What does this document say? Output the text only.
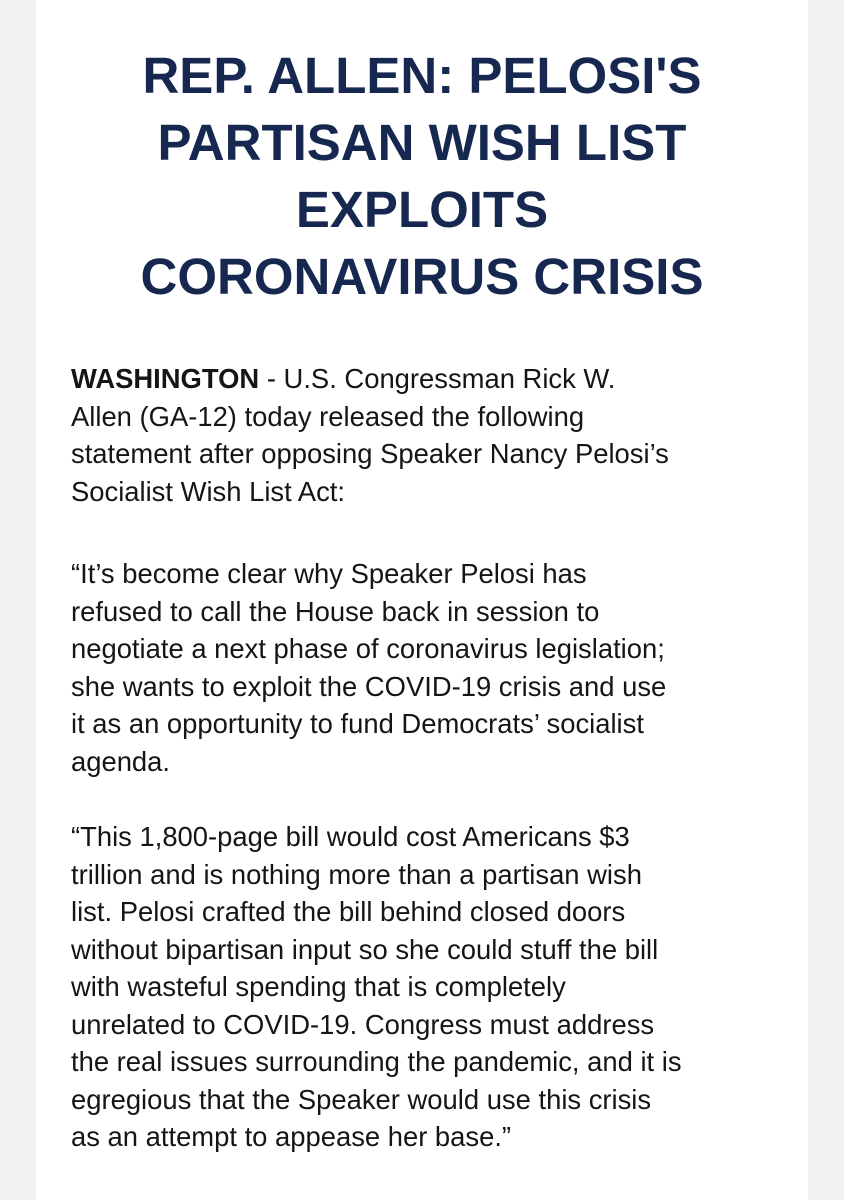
REP. ALLEN: PELOSI'S
PARTISAN WISH LIST
EXPLOITS
CORONAVIRUS CRISIS

WASHINGTON - U.S. Congressman Rick W.
Allen (GA-12) today released the following
statement after opposing Speaker Nancy Pelosi’s
Socialist Wish List Act:

“It’s become clear why Speaker Pelosi has
refused to call the House back in session to
negotiate a next phase of coronavirus legislation;
she wants to exploit the COVID-19 crisis and use
it as an opportunity to fund Democrats’ socialist
agenda.

“This 1,800-page bill would cost Americans $3
trillion and is nothing more than a partisan wish
list. Pelosi crafted the bill behind closed doors
without bipartisan input so she could stuff the bill
with wasteful spending that is completely
unrelated to COVID-19. Congress must address
the real issues surrounding the pandemic, and it is
egregious that the Speaker would use this crisis
as an attempt to appease her base.”
